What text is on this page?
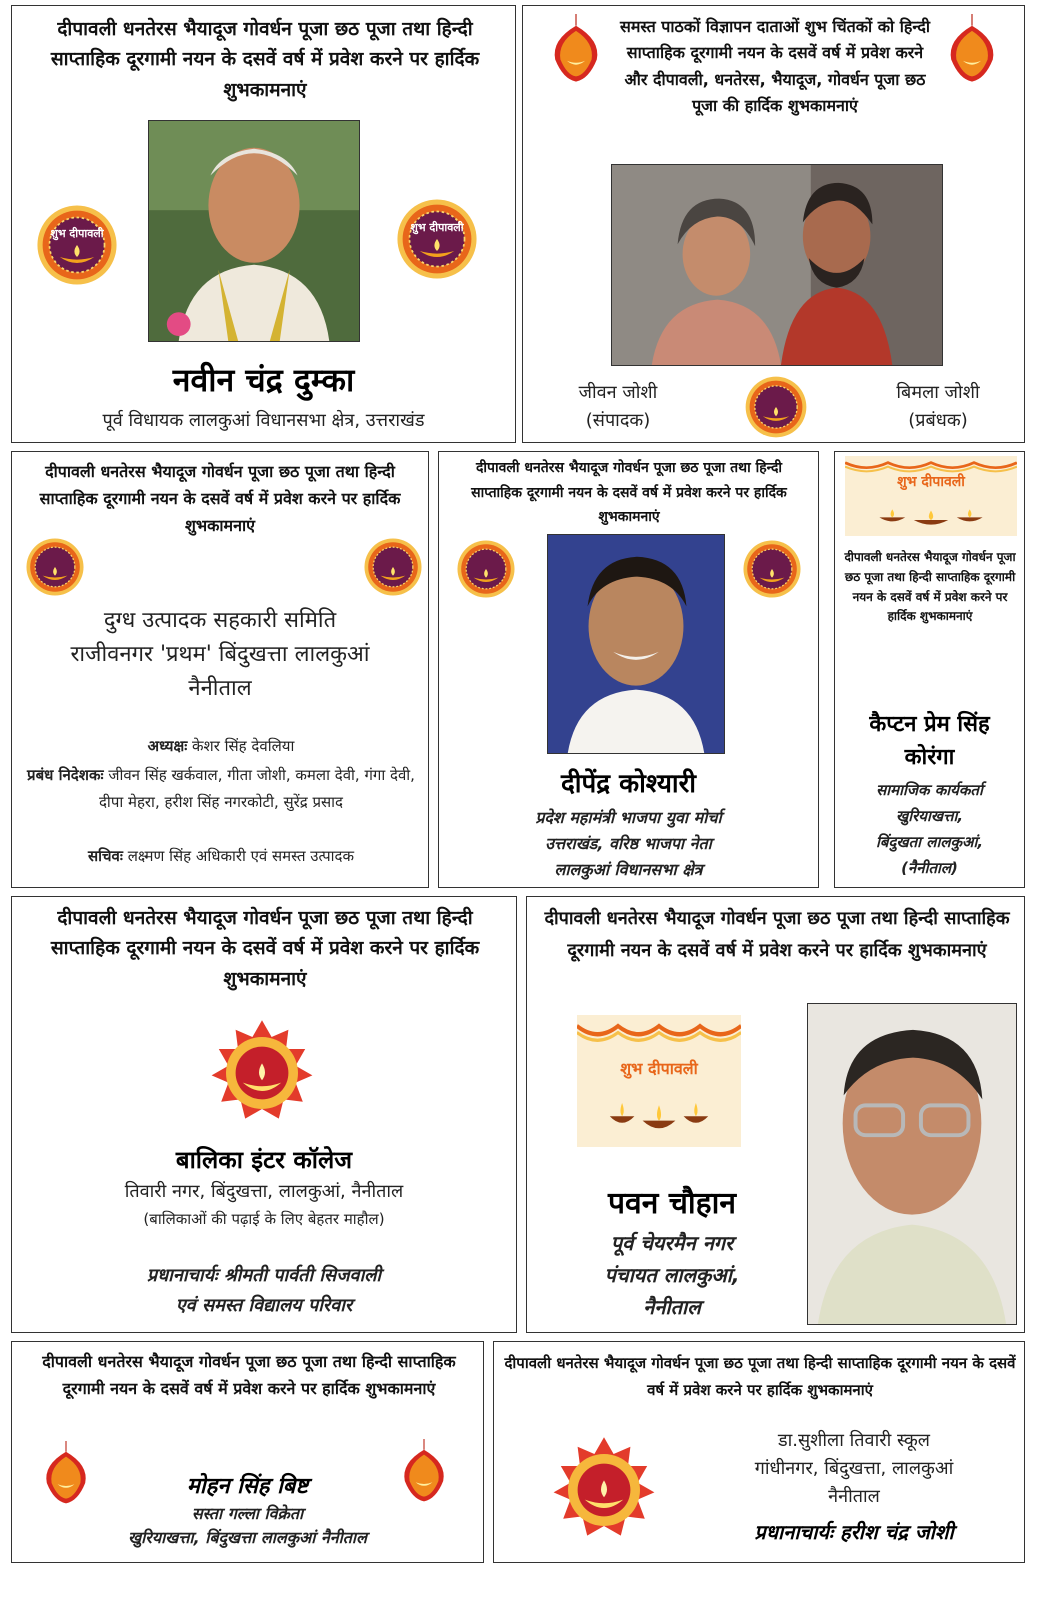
दीपावली धनतेरस भैयादूज गोवर्धन पूजा छठ पूजा तथा हिन्दी साप्ताहिक दूरगामी नयन के दसवें वर्ष में प्रवेश करने पर हार्दिक शुभकामनाएं
शुभ दीपावली	शुभ दीपावली
नवीन चंद्र दुम्का
पूर्व विधायक लालकुआं विधानसभा क्षेत्र, उत्तराखंड
समस्त पाठकों विज्ञापन दाताओं शुभ चिंतकों को हिन्दी साप्ताहिक दूरगामी नयन के दसवें वर्ष में प्रवेश करने और दीपावली, धनतेरस, भैयादूज, गोवर्धन पूजा छठ पूजा की हार्दिक शुभकामनाएं
जीवन जोशी
(संपादक)
बिमला जोशी
(प्रबंधक)
दीपावली धनतेरस भैयादूज गोवर्धन पूजा छठ पूजा तथा हिन्दी साप्ताहिक दूरगामी नयन के दसवें वर्ष में प्रवेश करने पर हार्दिक शुभकामनाएं
दुग्ध उत्पादक सहकारी समिति
राजीवनगर 'प्रथम' बिंदुखत्ता लालकुआं
नैनीताल
अध्यक्षः केशर सिंह देवलिया
प्रबंध निदेशकः जीवन सिंह खर्कवाल, गीता जोशी, कमला देवी, गंगा देवी, दीपा मेहरा, हरीश सिंह नगरकोटी, सुरेंद्र प्रसाद
सचिवः लक्ष्मण सिंह अधिकारी एवं समस्त उत्पादक
दीपावली धनतेरस भैयादूज गोवर्धन पूजा छठ पूजा तथा हिन्दी साप्ताहिक दूरगामी नयन के दसवें वर्ष में प्रवेश करने पर हार्दिक शुभकामनाएं
दीपेंद्र कोश्यारी
प्रदेश महामंत्री भाजपा युवा मोर्चा
उत्तराखंड, वरिष्ठ भाजपा नेता
लालकुआं विधानसभा क्षेत्र
शुभ दीपावली
दीपावली धनतेरस भैयादूज गोवर्धन पूजा छठ पूजा तथा हिन्दी साप्ताहिक दूरगामी नयन के दसवें वर्ष में प्रवेश करने पर हार्दिक शुभकामनाएं
कैप्टन प्रेम सिंह कोरंगा
सामाजिक कार्यकर्ता
खुरियाखत्ता,
बिंदुखता लालकुआं,
(नैनीताल)
दीपावली धनतेरस भैयादूज गोवर्धन पूजा छठ पूजा तथा हिन्दी साप्ताहिक दूरगामी नयन के दसवें वर्ष में प्रवेश करने पर हार्दिक शुभकामनाएं
बालिका इंटर कॉलेज
तिवारी नगर, बिंदुखत्ता, लालकुआं, नैनीताल
(बालिकाओं की पढ़ाई के लिए बेहतर माहौल)
प्रधानाचार्यः श्रीमती पार्वती सिजवाली
एवं समस्त विद्यालय परिवार
दीपावली धनतेरस भैयादूज गोवर्धन पूजा छठ पूजा तथा हिन्दी साप्ताहिक दूरगामी नयन के दसवें वर्ष में प्रवेश करने पर हार्दिक शुभकामनाएं
शुभ दीपावली
पवन चौहान
पूर्व चेयरमैन नगर
पंचायत लालकुआं,
नैनीताल
दीपावली धनतेरस भैयादूज गोवर्धन पूजा छठ पूजा तथा हिन्दी साप्ताहिक दूरगामी नयन के दसवें वर्ष में प्रवेश करने पर हार्दिक शुभकामनाएं
मोहन सिंह बिष्ट
सस्ता गल्ला विक्रेता
खुरियाखत्ता, बिंदुखत्ता लालकुआं नैनीताल
दीपावली धनतेरस भैयादूज गोवर्धन पूजा छठ पूजा तथा हिन्दी साप्ताहिक दूरगामी नयन के दसवें वर्ष में प्रवेश करने पर हार्दिक शुभकामनाएं
डा.सुशीला तिवारी स्कूल
गांधीनगर, बिंदुखत्ता, लालकुआं
नैनीताल
प्रधानाचार्यः हरीश चंद्र जोशी
